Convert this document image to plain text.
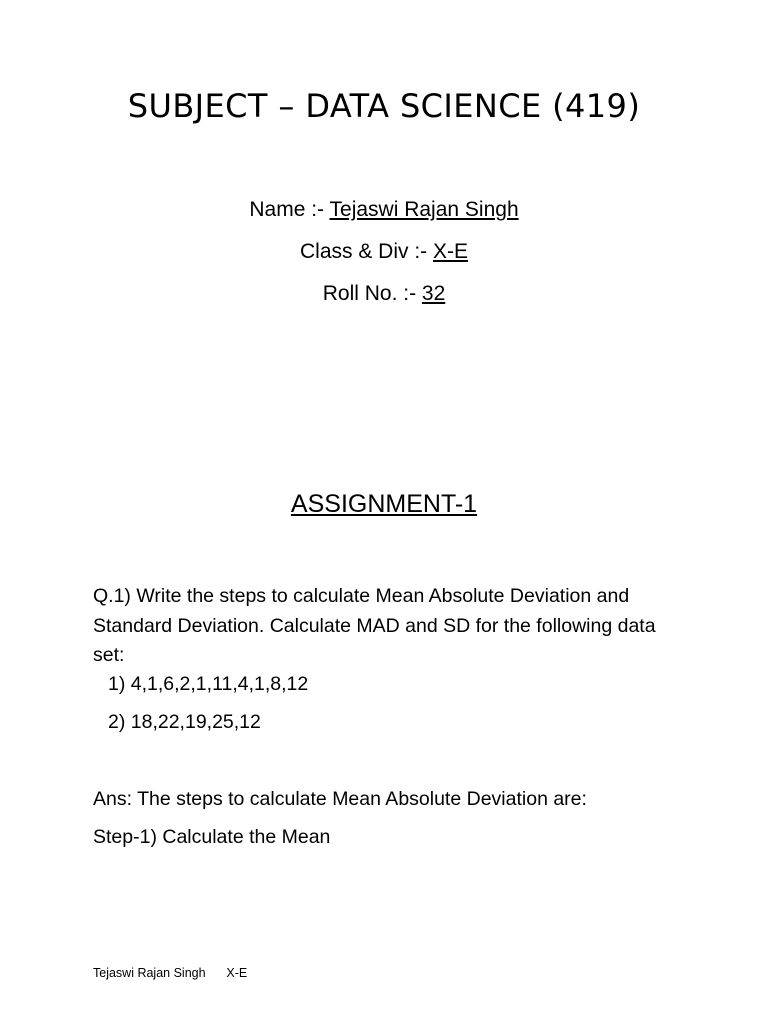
SUBJECT – DATA SCIENCE (419)
Name :- Tejaswi Rajan Singh
Class & Div :- X-E
Roll No. :- 32
ASSIGNMENT-1
Q.1) Write the steps to calculate Mean Absolute Deviation and Standard Deviation. Calculate MAD and SD for the following data set:
1) 4,1,6,2,1,11,4,1,8,12
2) 18,22,19,25,12
Ans: The steps to calculate Mean Absolute Deviation are:
Step-1) Calculate the Mean
Tejaswi Rajan Singh X-E
